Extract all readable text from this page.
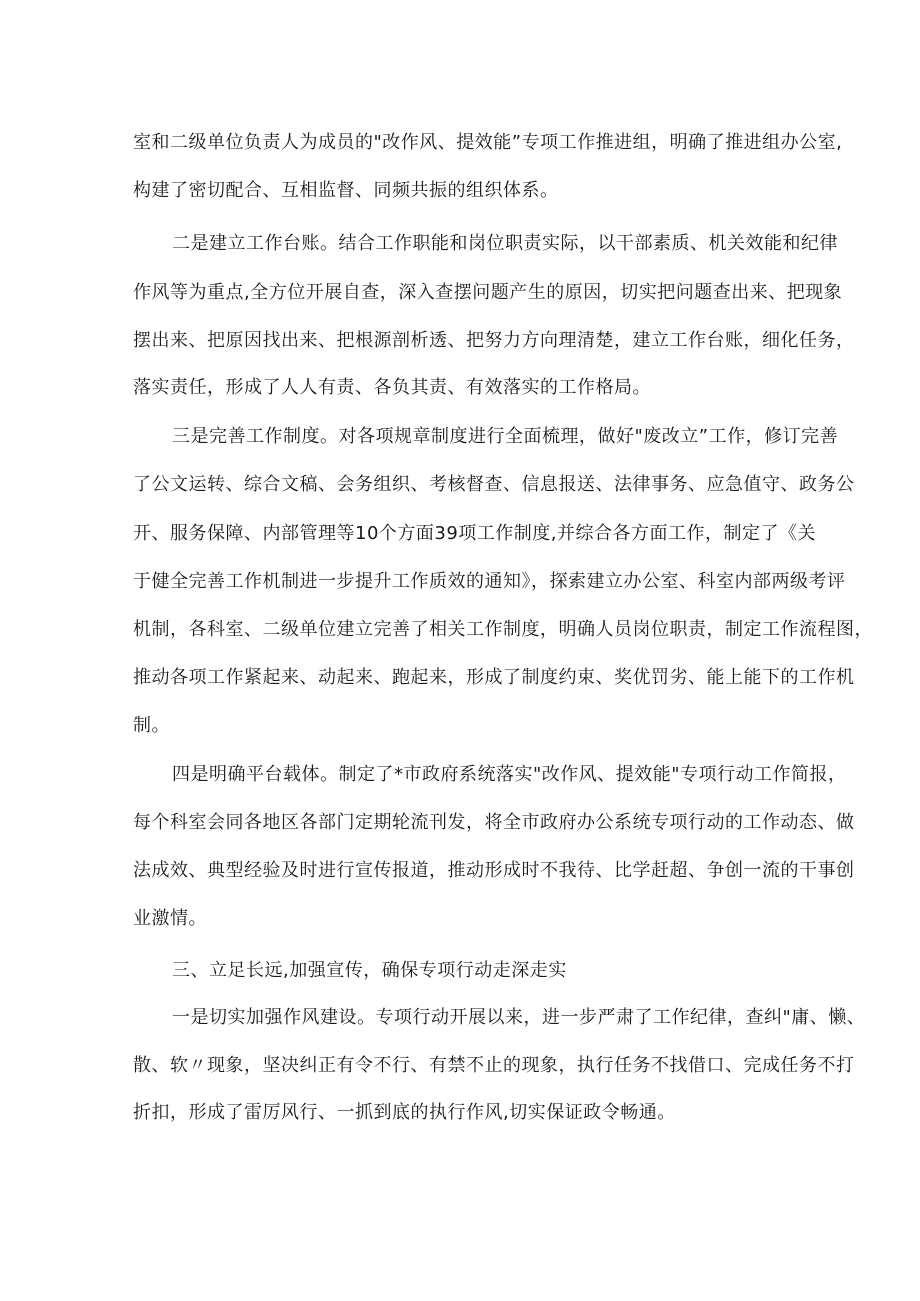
室和二级单位负责人为成员的"改作风、提效能”专项工作推进组，明确了推进组办公室,
构建了密切配合、互相监督、同频共振的组织体系。
二是建立工作台账。结合工作职能和岗位职责实际，以干部素质、机关效能和纪律
作风等为重点,全方位开展自查，深入查摆问题产生的原因，切实把问题查出来、把现象
摆出来、把原因找出来、把根源剖析透、把努力方向理清楚，建立工作台账，细化任务，
落实责任，形成了人人有责、各负其责、有效落实的工作格局。
三是完善工作制度。对各项规章制度进行全面梳理，做好"废改立”工作，修订完善
了公文运转、综合文稿、会务组织、考核督查、信息报送、法律事务、应急值守、政务公
开、服务保障、内部管理等10个方面39项工作制度,并综合各方面工作，制定了《关
于健全完善工作机制进一步提升工作质效的通知》，探索建立办公室、科室内部两级考评
机制，各科室、二级单位建立完善了相关工作制度，明确人员岗位职责，制定工作流程图，
推动各项工作紧起来、动起来、跑起来，形成了制度约束、奖优罚劣、能上能下的工作机
制。
四是明确平台载体。制定了*市政府系统落实"改作风、提效能"专项行动工作简报，
每个科室会同各地区各部门定期轮流刊发，将全市政府办公系统专项行动的工作动态、做
法成效、典型经验及时进行宣传报道，推动形成时不我待、比学赶超、争创一流的干事创
业激情。
三、立足长远,加强宣传，确保专项行动走深走实
一是切实加强作风建设。专项行动开展以来，进一步严肃了工作纪律，查纠"庸、懒、
散、软〃现象，坚决纠正有令不行、有禁不止的现象，执行任务不找借口、完成任务不打
折扣，形成了雷厉风行、一抓到底的执行作风,切实保证政令畅通。
